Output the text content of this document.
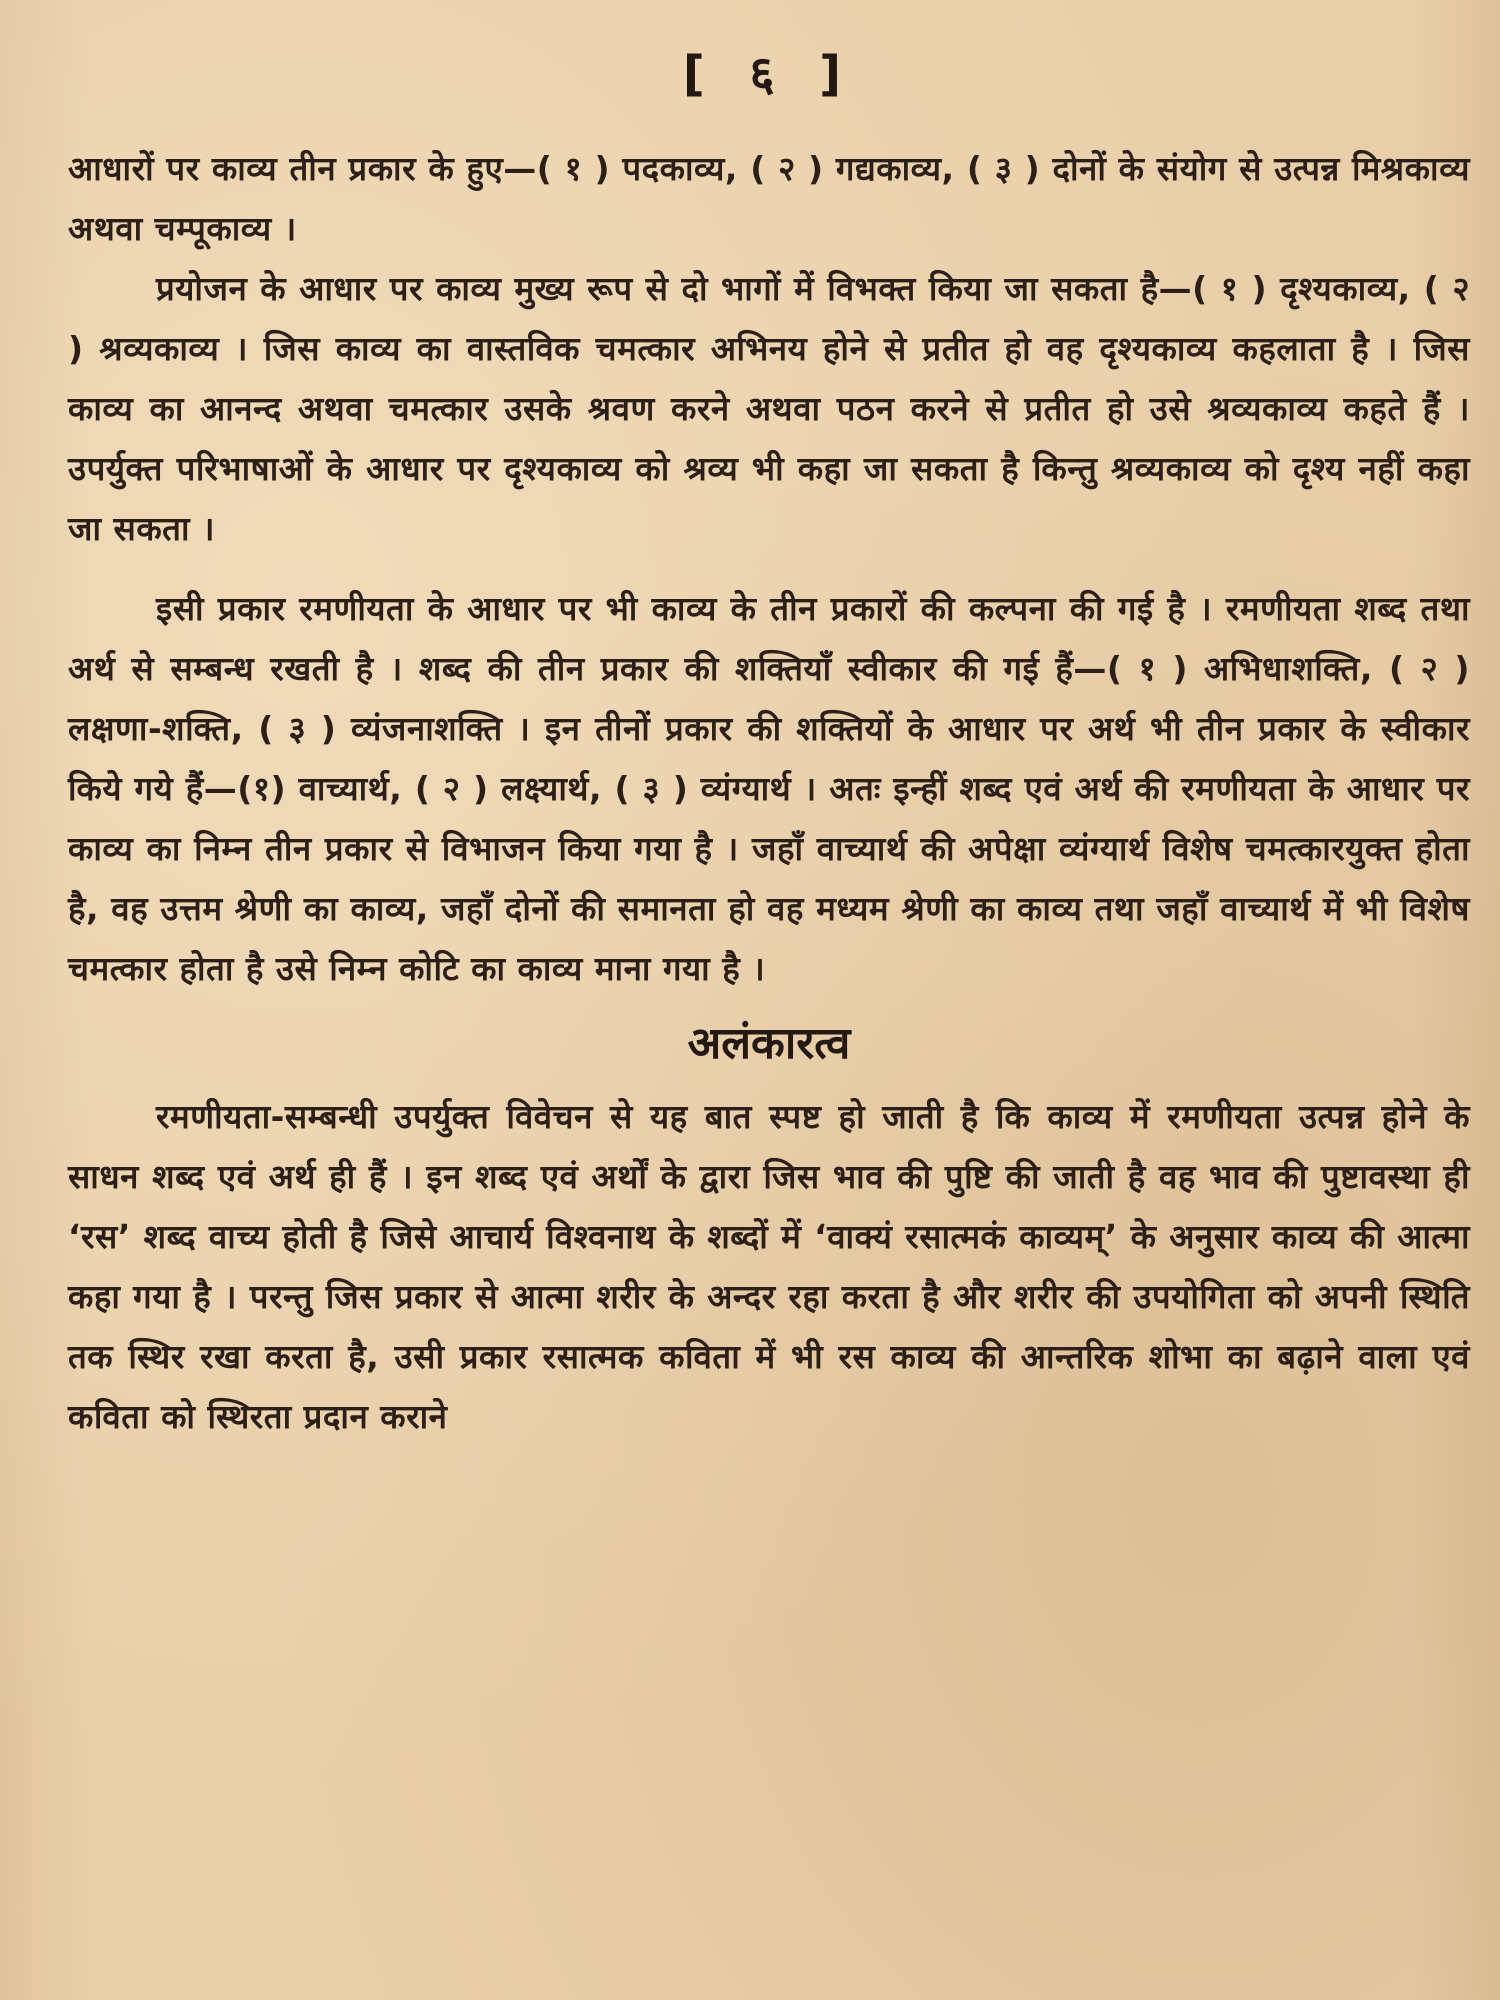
[ ६ ]

आधारों पर काव्य तीन प्रकार के हुए—( १ ) पदकाव्य, ( २ ) गद्यकाव्य, ( ३ ) दोनों के संयोग से उत्पन्न मिश्रकाव्य अथवा चम्पूकाव्य ।

प्रयोजन के आधार पर काव्य मुख्य रूप से दो भागों में विभक्त किया जा सकता है—( १ ) दृश्यकाव्य, ( २ ) श्रव्यकाव्य । जिस काव्य का वास्तविक चमत्कार अभिनय होने से प्रतीत हो वह दृश्यकाव्य कहलाता है । जिस काव्य का आनन्द अथवा चमत्कार उसके श्रवण करने अथवा पठन करने से प्रतीत हो उसे श्रव्यकाव्य कहते हैं । उपर्युक्त परिभाषाओं के आधार पर दृश्यकाव्य को श्रव्य भी कहा जा सकता है किन्तु श्रव्यकाव्य को दृश्य नहीं कहा जा सकता ।

इसी प्रकार रमणीयता के आधार पर भी काव्य के तीन प्रकारों की कल्पना की गई है । रमणीयता शब्द तथा अर्थ से सम्बन्ध रखती है । शब्द की तीन प्रकार की शक्तियाँ स्वीकार की गई हैं—( १ ) अभिधाशक्ति, ( २ ) लक्षणा-शक्ति, ( ३ ) व्यंजनाशक्ति । इन तीनों प्रकार की शक्तियों के आधार पर अर्थ भी तीन प्रकार के स्वीकार किये गये हैं—(१) वाच्यार्थ, ( २ ) लक्ष्यार्थ, ( ३ ) व्यंग्यार्थ । अतः इन्हीं शब्द एवं अर्थ की रमणीयता के आधार पर काव्य का निम्न तीन प्रकार से विभाजन किया गया है । जहाँ वाच्यार्थ की अपेक्षा व्यंग्यार्थ विशेष चमत्कारयुक्त होता है, वह उत्तम श्रेणी का काव्य, जहाँ दोनों की समानता हो वह मध्यम श्रेणी का काव्य तथा जहाँ वाच्यार्थ में भी विशेष चमत्कार होता है उसे निम्न कोटि का काव्य माना गया है ।

अलंकारत्व

रमणीयता-सम्बन्धी उपर्युक्त विवेचन से यह बात स्पष्ट हो जाती है कि काव्य में रमणीयता उत्पन्न होने के साधन शब्द एवं अर्थ ही हैं । इन शब्द एवं अर्थों के द्वारा जिस भाव की पुष्टि की जाती है वह भाव की पुष्टावस्था ही ‘रस’ शब्द वाच्य होती है जिसे आचार्य विश्वनाथ के शब्दों में ‘वाक्यं रसात्मकं काव्यम्’ के अनुसार काव्य की आत्मा कहा गया है । परन्तु जिस प्रकार से आत्मा शरीर के अन्दर रहा करता है और शरीर की उपयोगिता को अपनी स्थिति तक स्थिर रखा करता है, उसी प्रकार रसात्मक कविता में भी रस काव्य की आन्तरिक शोभा का बढ़ाने वाला एवं कविता को स्थिरता प्रदान कराने
